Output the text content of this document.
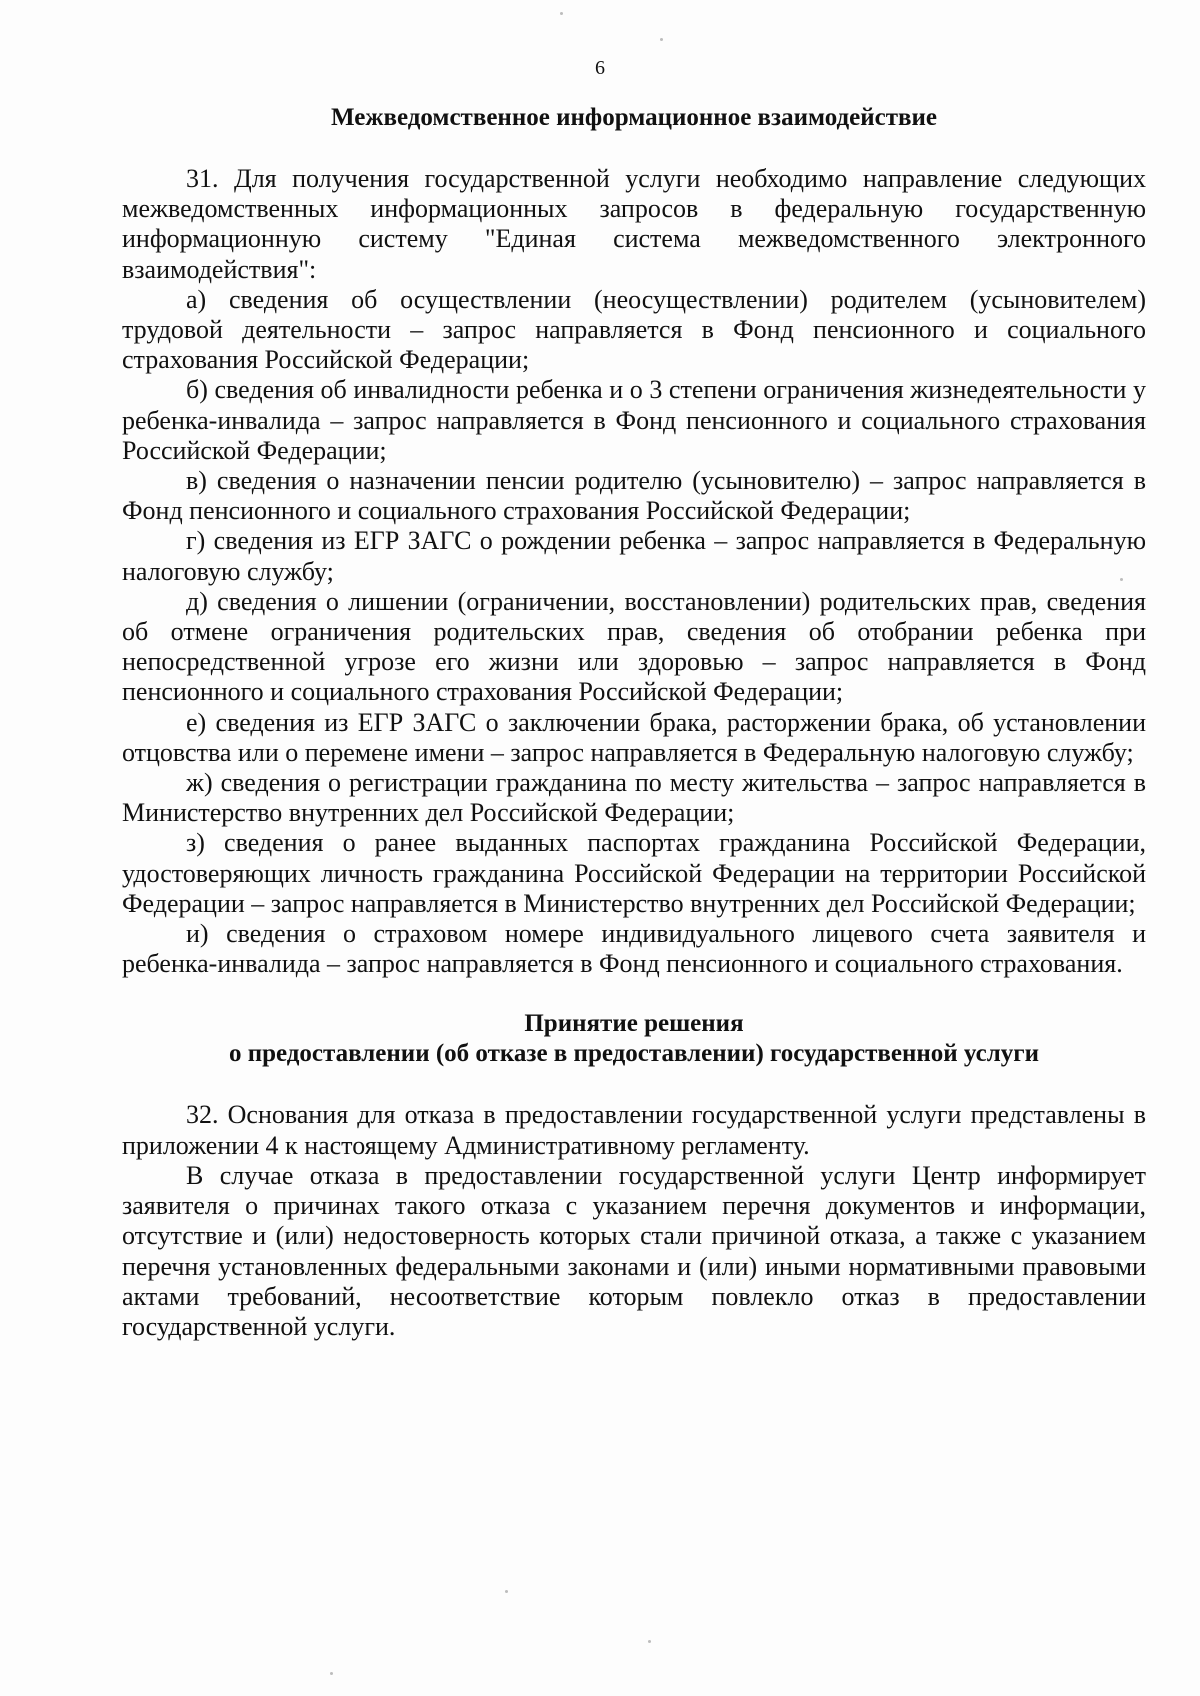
6
Межведомственное информационное взаимодействие

31. Для получения государственной услуги необходимо направление следующих межведомственных информационных запросов в федеральную государственную информационную систему "Единая система межведомственного электронного взаимодействия":

а) сведения об осуществлении (неосуществлении) родителем (усыновителем) трудовой деятельности – запрос направляется в Фонд пенсионного и социального страхования Российской Федерации;

б) сведения об инвалидности ребенка и о 3 степени ограничения жизнедеятельности у ребенка-инвалида – запрос направляется в Фонд пенсионного и социального страхования Российской Федерации;

в) сведения о назначении пенсии родителю (усыновителю) – запрос направляется в Фонд пенсионного и социального страхования Российской Федерации;

г) сведения из ЕГР ЗАГС о рождении ребенка – запрос направляется в Федеральную налоговую службу;

д) сведения о лишении (ограничении, восстановлении) родительских прав, сведения об отмене ограничения родительских прав, сведения об отобрании ребенка при непосредственной угрозе его жизни или здоровью – запрос направляется в Фонд пенсионного и социального страхования Российской Федерации;

е) сведения из ЕГР ЗАГС о заключении брака, расторжении брака, об установлении отцовства или о перемене имени – запрос направляется в Федеральную налоговую службу;

ж) сведения о регистрации гражданина по месту жительства – запрос направляется в Министерство внутренних дел Российской Федерации;

з) сведения о ранее выданных паспортах гражданина Российской Федерации, удостоверяющих личность гражданина Российской Федерации на территории Российской Федерации – запрос направляется в Министерство внутренних дел Российской Федерации;

и) сведения о страховом номере индивидуального лицевого счета заявителя и ребенка-инвалида – запрос направляется в Фонд пенсионного и социального страхования.

Принятие решения
о предоставлении (об отказе в предоставлении) государственной услуги

32. Основания для отказа в предоставлении государственной услуги представлены в приложении 4 к настоящему Административному регламенту.

В случае отказа в предоставлении государственной услуги Центр информирует заявителя о причинах такого отказа с указанием перечня документов и информации, отсутствие и (или) недостоверность которых стали причиной отказа, а также с указанием перечня установленных федеральными законами и (или) иными нормативными правовыми актами требований, несоответствие которым повлекло отказ в предоставлении государственной услуги.
